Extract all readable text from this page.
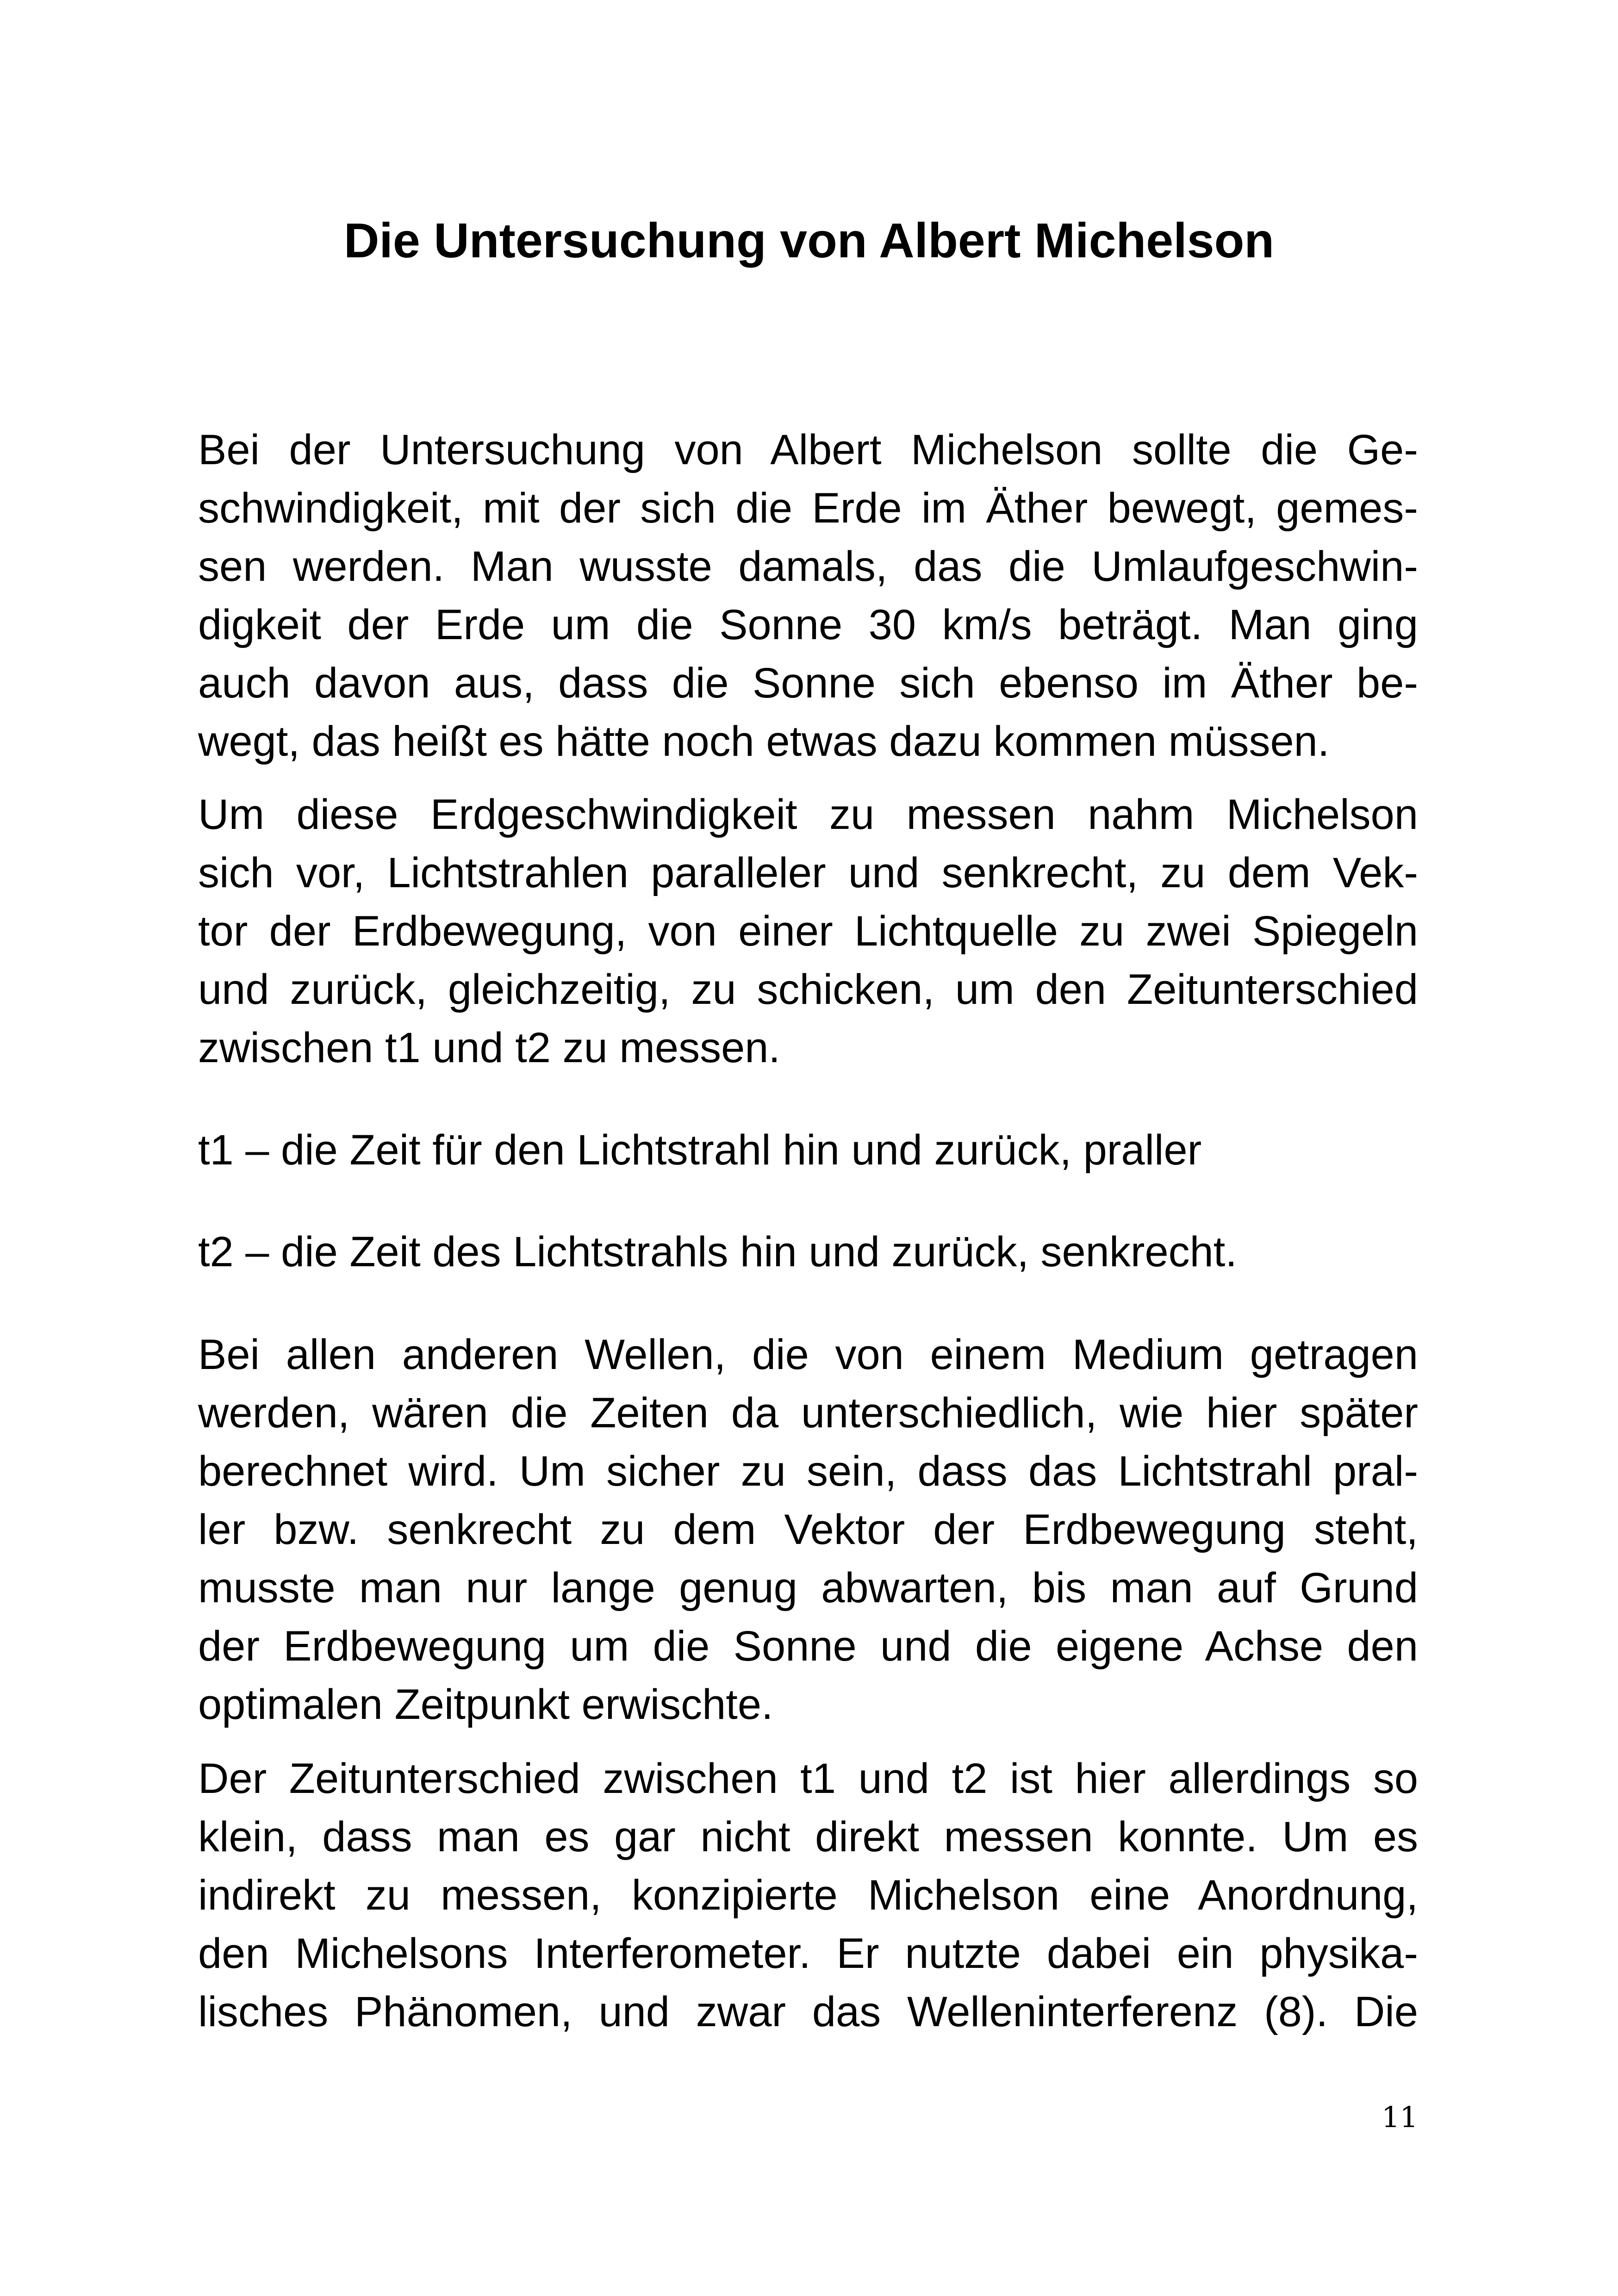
Die Untersuchung von Albert Michelson
Bei der Untersuchung von Albert Michelson sollte die Ge-
schwindigkeit, mit der sich die Erde im Äther bewegt, gemes-
sen werden. Man wusste damals, das die Umlaufgeschwin-
digkeit der Erde um die Sonne 30 km/s beträgt. Man ging
auch davon aus, dass die Sonne sich ebenso im Äther be-
wegt, das heißt es hätte noch etwas dazu kommen müssen.
Um diese Erdgeschwindigkeit zu messen nahm Michelson
sich vor, Lichtstrahlen paralleler und senkrecht, zu dem Vek-
tor der Erdbewegung, von einer Lichtquelle zu zwei Spiegeln
und zurück, gleichzeitig, zu schicken, um den Zeitunterschied
zwischen t1 und t2 zu messen.
t1 – die Zeit für den Lichtstrahl hin und zurück, praller
t2 – die Zeit des Lichtstrahls hin und zurück, senkrecht.
Bei allen anderen Wellen, die von einem Medium getragen
werden, wären die Zeiten da unterschiedlich, wie hier später
berechnet wird. Um sicher zu sein, dass das Lichtstrahl pral-
ler bzw. senkrecht zu dem Vektor der Erdbewegung steht,
musste man nur lange genug abwarten, bis man auf Grund
der Erdbewegung um die Sonne und die eigene Achse den
optimalen Zeitpunkt erwischte.
Der Zeitunterschied zwischen t1 und t2 ist hier allerdings so
klein, dass man es gar nicht direkt messen konnte. Um es
indirekt zu messen, konzipierte Michelson eine Anordnung,
den Michelsons Interferometer. Er nutzte dabei ein physika-
lisches Phänomen, und zwar das Welleninterferenz (8). Die
11
